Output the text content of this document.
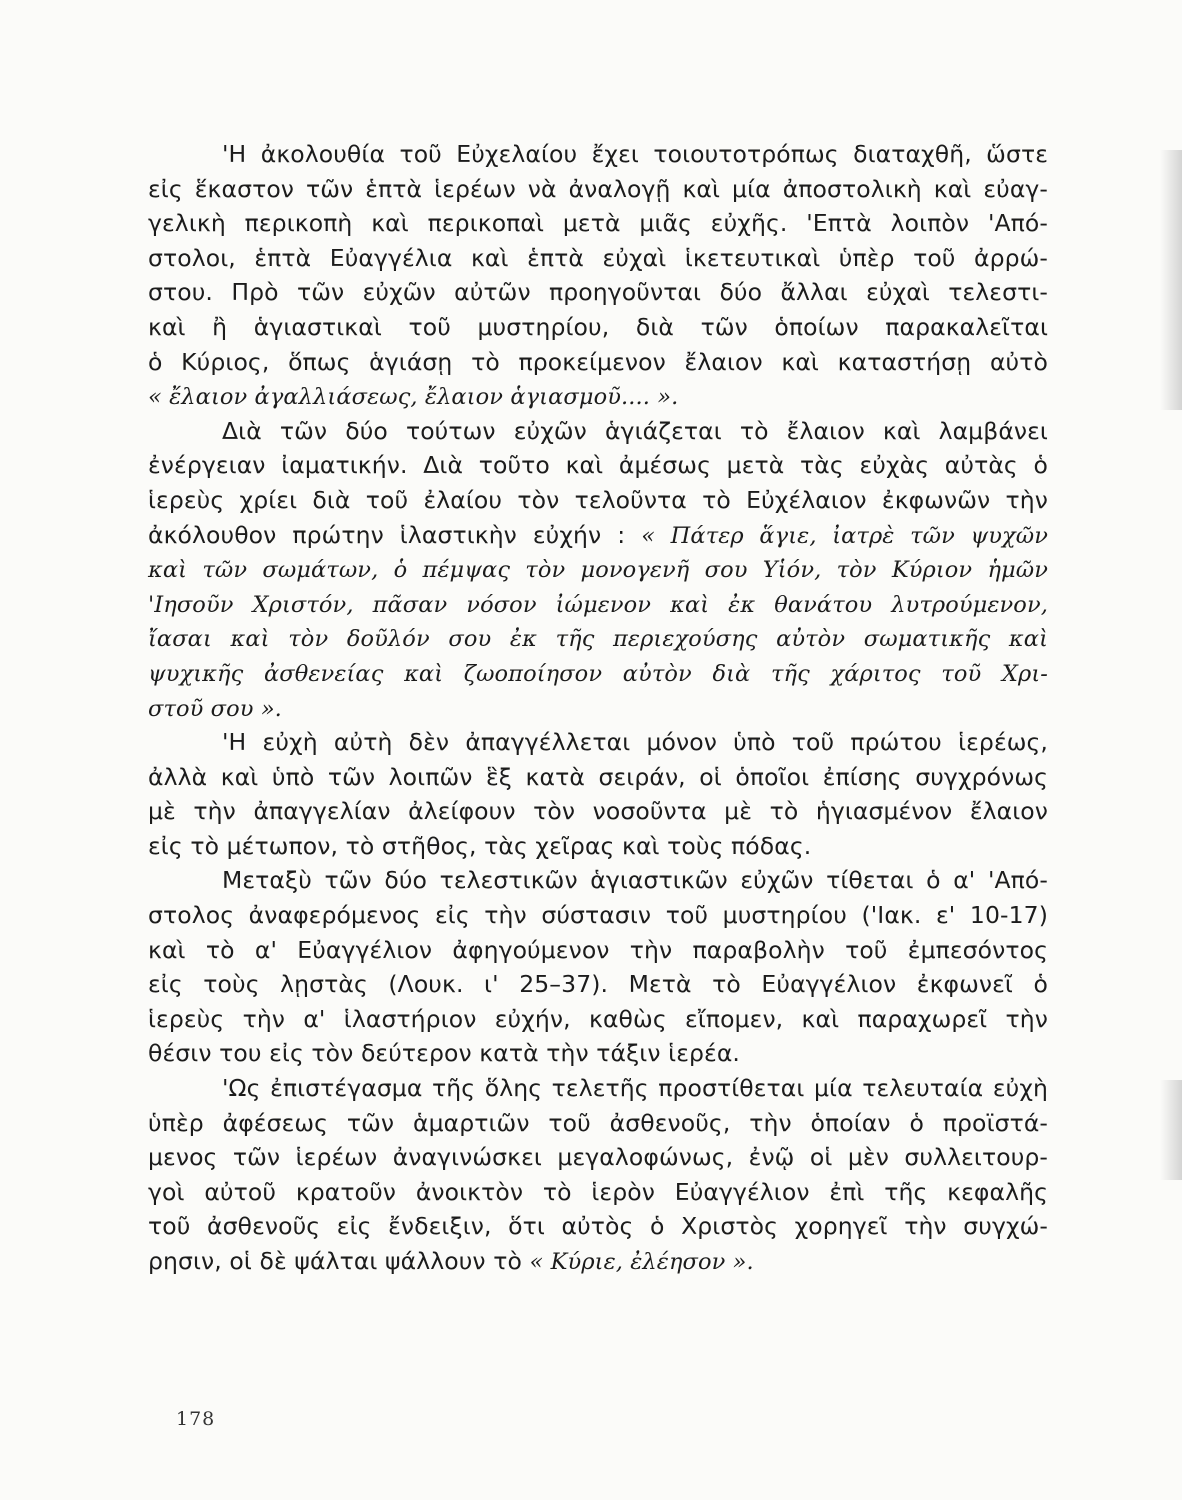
'Η ἀκολουθία τοῦ Εὐχελαίου ἔχει τοιουτοτρόπως διαταχθῆ, ὥστε
εἰς ἕκαστον τῶν ἑπτὰ ἱερέων νὰ ἀναλογῇ καὶ μία ἀποστολικὴ καὶ εὐαγ-
γελικὴ περικοπὴ καὶ περικοπαὶ μετὰ μιᾶς εὐχῆς. 'Επτὰ λοιπὸν 'Από-
στολοι, ἑπτὰ Εὐαγγέλια καὶ ἑπτὰ εὐχαὶ ἱκετευτικαὶ ὑπὲρ τοῦ ἀρρώ-
στου. Πρὸ τῶν εὐχῶν αὐτῶν προηγοῦνται δύο ἄλλαι εὐχαὶ τελεστι-
καὶ ἢ ἁγιαστικαὶ τοῦ μυστηρίου, διὰ τῶν ὁποίων παρακαλεῖται
ὁ Κύριος, ὅπως ἁγιάσῃ τὸ προκείμενον ἔλαιον καὶ καταστήσῃ αὐτὸ
« ἔλαιον ἀγαλλιάσεως, ἔλαιον ἁγιασμοῦ.... ».
Διὰ τῶν δύο τούτων εὐχῶν ἁγιάζεται τὸ ἔλαιον καὶ λαμβάνει
ἐνέργειαν ἰαματικήν. Διὰ τοῦτο καὶ ἀμέσως μετὰ τὰς εὐχὰς αὐτὰς ὁ
ἱερεὺς χρίει διὰ τοῦ ἐλαίου τὸν τελοῦντα τὸ Εὐχέλαιον ἐκφωνῶν τὴν
ἀκόλουθον πρώτην ἱλαστικὴν εὐχήν : « Πάτερ ἅγιε, ἰατρὲ τῶν ψυχῶν
καὶ τῶν σωμάτων, ὁ πέμψας τὸν μονογενῆ σου Υἱόν, τὸν Κύριον ἡμῶν
'Ιησοῦν Χριστόν, πᾶσαν νόσον ἰώμενον καὶ ἐκ θανάτου λυτρούμενον,
ἴασαι καὶ τὸν δοῦλόν σου ἐκ τῆς περιεχούσης αὐτὸν σωματικῆς καὶ
ψυχικῆς ἀσθενείας καὶ ζωοποίησον αὐτὸν διὰ τῆς χάριτος τοῦ Χρι-
στοῦ σου ».
'Η εὐχὴ αὐτὴ δὲν ἀπαγγέλλεται μόνον ὑπὸ τοῦ πρώτου ἱερέως,
ἀλλὰ καὶ ὑπὸ τῶν λοιπῶν ἓξ κατὰ σειράν, οἱ ὁποῖοι ἐπίσης συγχρόνως
μὲ τὴν ἀπαγγελίαν ἀλείφουν τὸν νοσοῦντα μὲ τὸ ἡγιασμένον ἔλαιον
εἰς τὸ μέτωπον, τὸ στῆθος, τὰς χεῖρας καὶ τοὺς πόδας.
Μεταξὺ τῶν δύο τελεστικῶν ἁγιαστικῶν εὐχῶν τίθεται ὁ α' 'Από-
στολος ἀναφερόμενος εἰς τὴν σύστασιν τοῦ μυστηρίου ('Ιακ. ε' 10-17)
καὶ τὸ α' Εὐαγγέλιον ἀφηγούμενον τὴν παραβολὴν τοῦ ἐμπεσόντος
εἰς τοὺς λῃστὰς (Λουκ. ι' 25–37). Μετὰ τὸ Εὐαγγέλιον ἐκφωνεῖ ὁ
ἱερεὺς τὴν α' ἱλαστήριον εὐχήν, καθὼς εἴπομεν, καὶ παραχωρεῖ τὴν
θέσιν του εἰς τὸν δεύτερον κατὰ τὴν τάξιν ἱερέα.
'Ως ἐπιστέγασμα τῆς ὅλης τελετῆς προστίθεται μία τελευταία εὐχὴ
ὑπὲρ ἀφέσεως τῶν ἁμαρτιῶν τοῦ ἀσθενοῦς, τὴν ὁποίαν ὁ προϊστά-
μενος τῶν ἱερέων ἀναγινώσκει μεγαλοφώνως, ἐνῷ οἱ μὲν συλλειτουρ-
γοὶ αὐτοῦ κρατοῦν ἀνοικτὸν τὸ ἱερὸν Εὐαγγέλιον ἐπὶ τῆς κεφαλῆς
τοῦ ἀσθενοῦς εἰς ἔνδειξιν, ὅτι αὐτὸς ὁ Χριστὸς χορηγεῖ τὴν συγχώ-
ρησιν, οἱ δὲ ψάλται ψάλλουν τὸ « Κύριε, ἐλέησον ».
178
